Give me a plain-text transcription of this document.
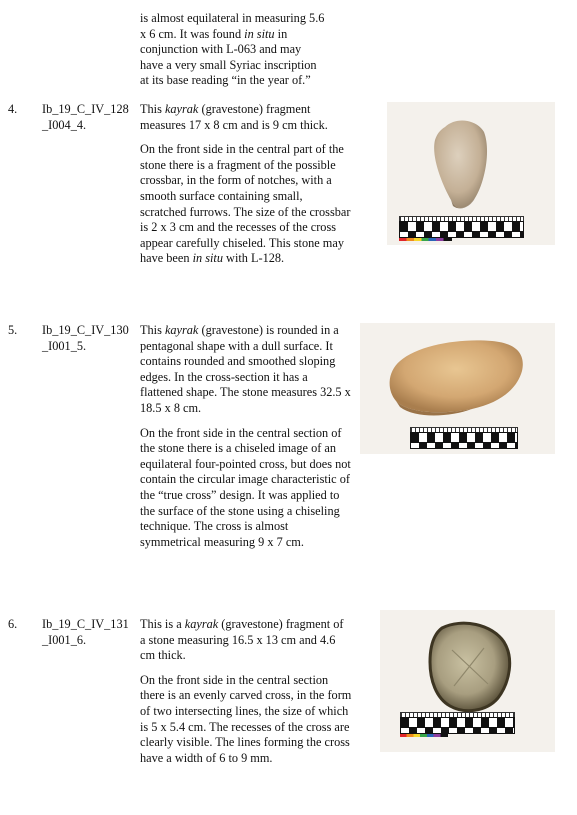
is almost equilateral in measuring 5.6
x 6 cm. It was found in situ in
conjunction with L-063 and may
have a very small Syriac inscription
at its base reading “in the year of.”

4. Ib_19_C_IV_128_I004_4.

This kayrak (gravestone) fragment measures 17 x 8 cm and is 9 cm thick.

On the front side in the central part of the stone there is a fragment of the possible crossbar, in the form of notches, with a smooth surface containing small, scratched furrows. The size of the crossbar is 2 x 3 cm and the recesses of the cross appear carefully chiseled. This stone may have been in situ with L-128.

5. Ib_19_C_IV_130_I001_5.

This kayrak (gravestone) is rounded in a pentagonal shape with a dull surface. It contains rounded and smoothed sloping edges. In the cross-section it has a flattened shape. The stone measures 32.5 x 18.5 x 8 cm.

On the front side in the central section of the stone there is a chiseled image of an equilateral four-pointed cross, but does not contain the circular image characteristic of the “true cross” design. It was applied to the surface of the stone using a chiseling technique. The cross is almost symmetrical measuring 9 x 7 cm.

6. Ib_19_C_IV_131_I001_6.

This is a kayrak (gravestone) fragment of a stone measuring 16.5 x 13 cm and 4.6 cm thick.

On the front side in the central section there is an evenly carved cross, in the form of two intersecting lines, the size of which is 5 x 5.4 cm. The recesses of the cross are clearly visible. The lines forming the cross have a width of 6 to 9 mm.
